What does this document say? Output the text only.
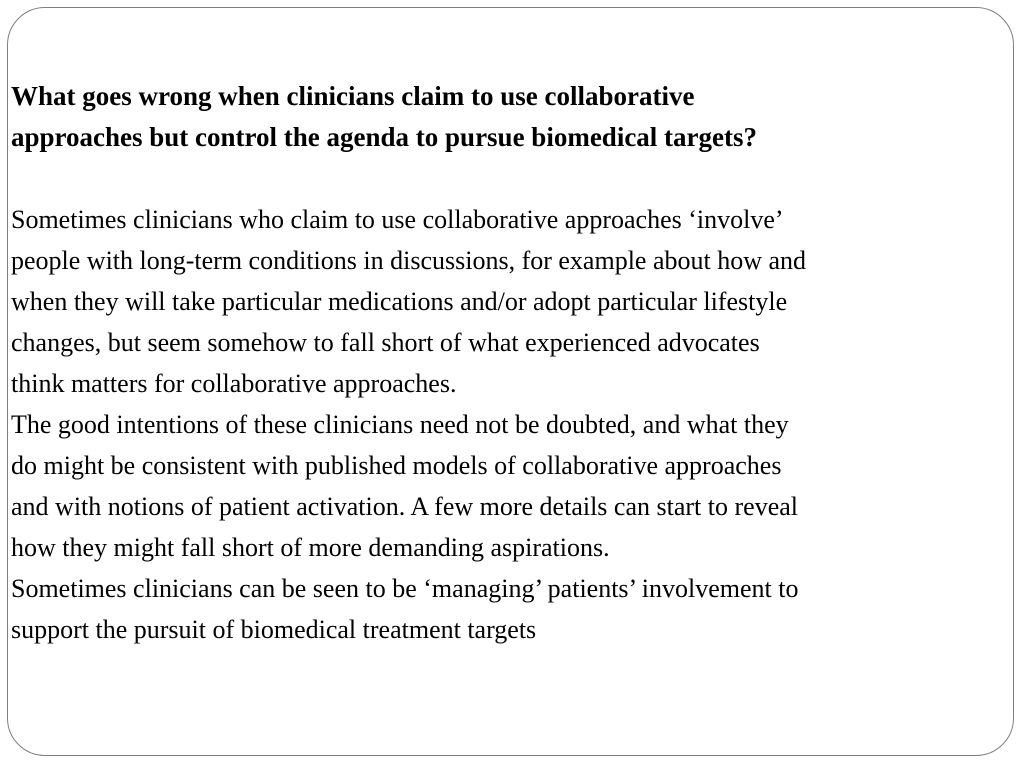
What goes wrong when clinicians claim to use collaborative
approaches but control the agenda to pursue biomedical targets?

Sometimes clinicians who claim to use collaborative approaches ‘involve’
people with long-term conditions in discussions, for example about how and
when they will take particular medications and/or adopt particular lifestyle
changes, but seem somehow to fall short of what experienced advocates
think matters for collaborative approaches.

The good intentions of these clinicians need not be doubted, and what they
do might be consistent with published models of collaborative approaches
and with notions of patient activation. A few more details can start to reveal
how they might fall short of more demanding aspirations.

Sometimes clinicians can be seen to be ‘managing’ patients’ involvement to
support the pursuit of biomedical treatment targets
